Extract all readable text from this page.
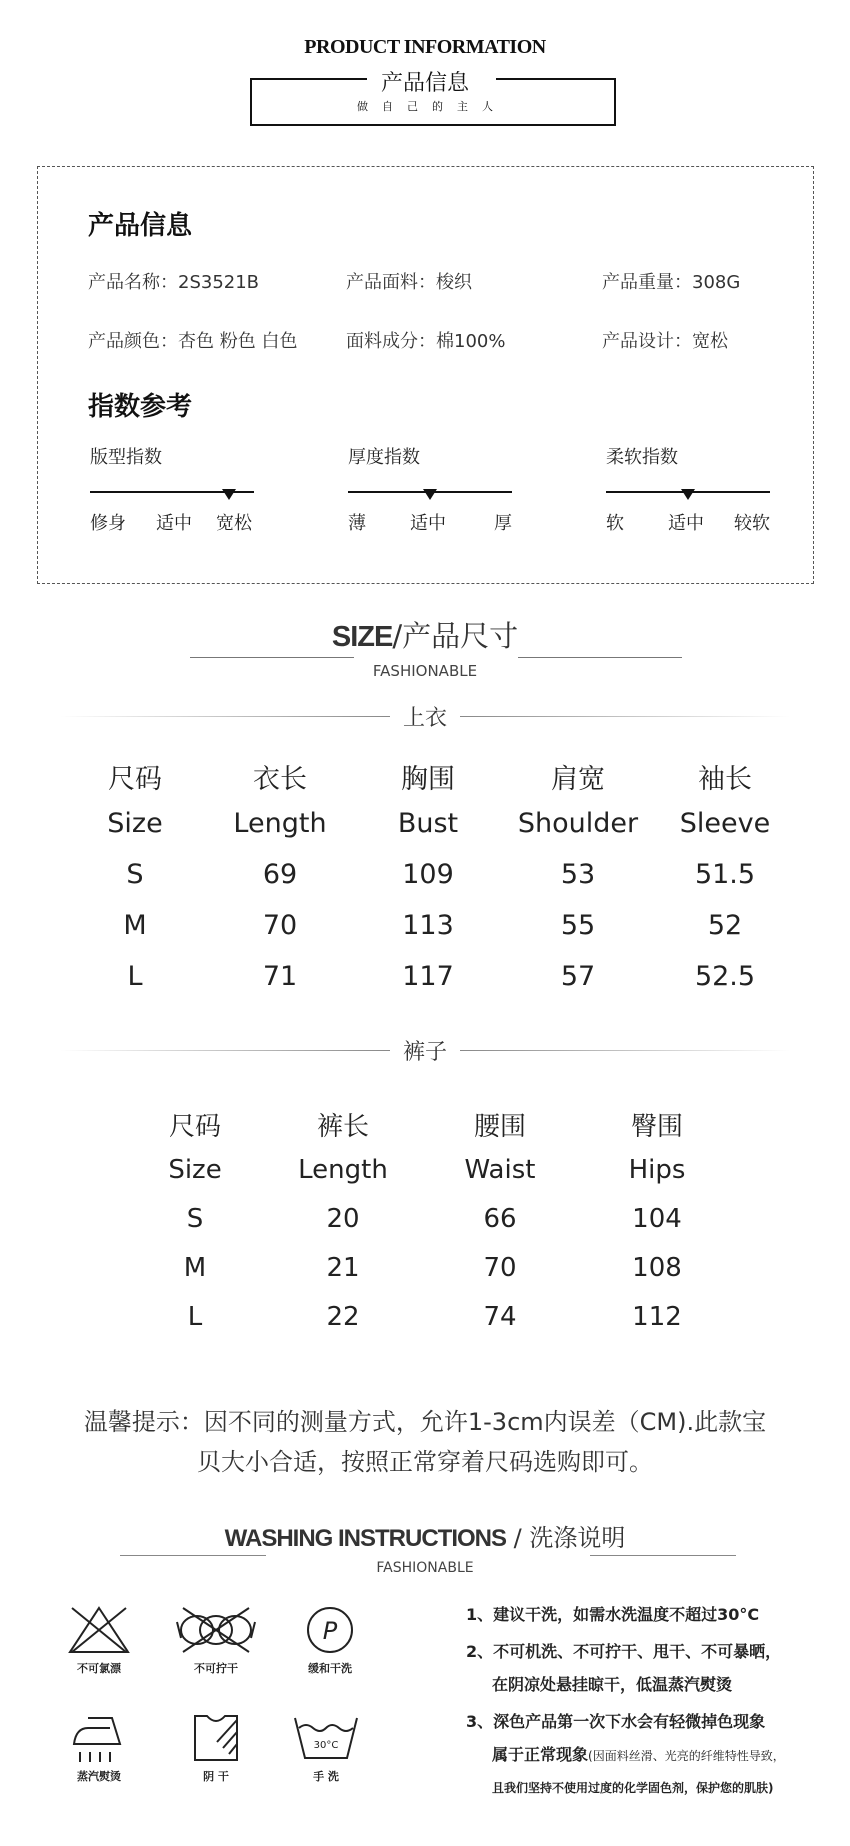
PRODUCT INFORMATION
产品信息
做自己的主人
产品信息
产品名称：2S3521B	产品面料：梭织	产品重量：308G
产品颜色：杏色 粉色 白色	面料成分：棉100%	产品设计：宽松
指数参考
版型指数
修身 适中 宽松
厚度指数
薄 适中	厚
柔软指数
软 适中 较软
SIZE/产品尺寸
FASHIONABLE
上衣
尺码	衣长	胸围	肩宽	袖长
Size	Length	Bust	Shoulder	Sleeve
S	69	109	53	51.5
M	70	113	55	52
L	71	117	57	52.5
裤子
尺码	裤长	腰围	臀围
Size	Length	Waist	Hips
S	20	66	104
M	21	70	108
L	22	74	112
温馨提示：因不同的测量方式，允许1-3cm内误差（CM).此款宝
贝大小合适，按照正常穿着尺码选购即可。
WASHING INSTRUCTIONS / 洗涤说明
FASHIONABLE
不可氯漂	不可拧干
P
缓和干洗
蒸汽熨烫	阴 干
30°C
手 洗

1、建议干洗，如需水洗温度不超过30°C

2、不可机洗、不可拧干、甩干、不可暴晒，

在阴凉处悬挂晾干，低温蒸汽熨烫

3、深色产品第一次下水会有轻微掉色现象

属于正常现象(因面料丝滑、光亮的纤维特性导致，

且我们坚持不使用过度的化学固色剂，保护您的肌肤)
